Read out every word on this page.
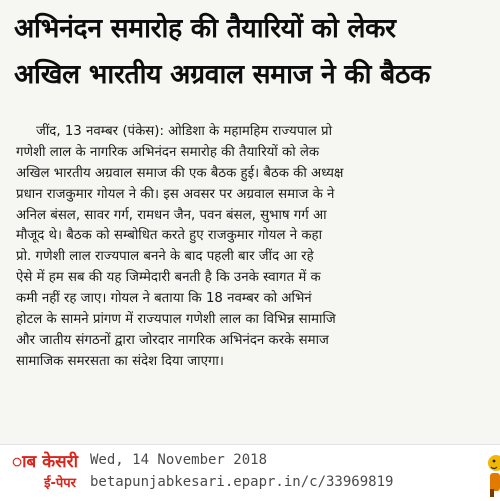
अभिनंदन समारोह की तैयारियों को लेकर
अखिल भारतीय अग्रवाल समाज ने की बैठक
जींद, 13 नवम्बर (पंकेस): ओडिशा के महामहिम राज्यपाल प्रो
गणेशी लाल के नागरिक अभिनंदन समारोह की तैयारियों को लेक
अखिल भारतीय अग्रवाल समाज की एक बैठक हुई। बैठक की अध्यक्ष
प्रधान राजकुमार गोयल ने की। इस अवसर पर अग्रवाल समाज के ने
अनिल बंसल, सावर गर्ग, रामधन जैन, पवन बंसल, सुभाष गर्ग आ
मौजूद थे। बैठक को सम्बोधित करते हुए राजकुमार गोयल ने कहा
प्रो. गणेशी लाल राज्यपाल बनने के बाद पहली बार जींद आ रहे
ऐसे में हम सब की यह जिम्मेदारी बनती है कि उनके स्वागत में क
कमी नहीं रह जाए। गोयल ने बताया कि 18 नवम्बर को अभिनं
होटल के सामने प्रांगण में राज्यपाल गणेशी लाल का विभिन्न सामाजि
और जातीय संगठनों द्वारा जोरदार नागरिक अभिनंदन करके समाज
सामाजिक समरसता का संदेश दिया जाएगा।
ाब केसरी
ई-पेपर
Wed, 14 November 2018
betapunjabkesari.epapr.in/c/33969819
